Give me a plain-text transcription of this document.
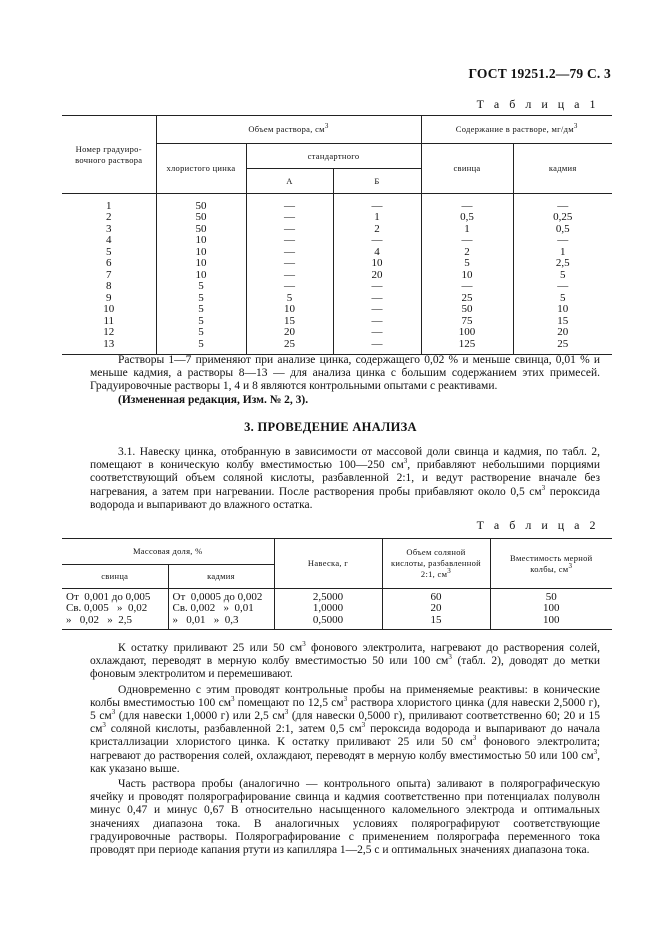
ГОСТ 19251.2—79 С. 3
Т а б л и ц а 1
Номер градуиро-
вочного раствора	Объем раствора, $см^3$			Содержание в растворе, $мг/дм^3$
	хлористого цинка	стандартного		свинца	кадмия
		А	Б		

1	50	—	—	—	—
2	50	—	1	0,5	0,25
3	50	—	2	1	0,5
4	10	—	—	—	—
5	10	—	4	2	1
6	10	—	10	5	2,5
7	10	—	20	10	5
8	5	—	—	—	—
9	5	5	—	25	5
10	5	10	—	50	10
11	5	15	—	75	15
12	5	20	—	100	20
13	5	25	—	125	25

Растворы 1—7 применяют при анализе цинка, содержащего 0,02 % и меньше свинца, 0,01 % и меньше кадмия, а растворы 8—13 — для анализа цинка с большим содержанием этих примесей. Градуировочные растворы 1, 4 и 8 являются контрольными опытами с реактивами.

(Измененная редакция, Изм. № 2, 3).

3. ПРОВЕДЕНИЕ АНАЛИЗА

3.1. Навеску цинка, отобранную в зависимости от массовой доли свинца и кадмия, по табл. 2, помещают в коническую колбу вместимостью 100—250 $см^3$, прибавляют небольшими порциями соответствующий объем соляной кислоты, разбавленной 2:1, и ведут растворение вначале без нагревания, а затем при нагревании. После растворения пробы прибавляют около 0,5 $см^3$ пероксида водорода и выпаривают до влажного остатка.

Т а б л и ц а 2
Массовая доля, %		Навеска, г	Объем соляной кислоты, разбавленной 2:1, $см^3$	Вместимость мерной колбы, $см^3$
свинца	кадмия			

От  0,001 до 0,005	От  0,0005 до 0,002	2,5000	60	50
Св. 0,005   »  0,02	Св. 0,002   »  0,01	1,0000	20	100
»   0,02   »  2,5	»   0,01   »  0,3	0,5000	15	100

К остатку приливают 25 или 50 $см^3$ фонового электролита, нагревают до растворения солей, охлаждают, переводят в мерную колбу вместимостью 50 или 100 $см^3$ (табл. 2), доводят до метки фоновым электролитом и перемешивают.

Одновременно с этим проводят контрольные пробы на применяемые реактивы: в конические колбы вместимостью 100 $см^3$ помещают по 12,5 $см^3$ раствора хлористого цинка (для навески 2,5000 г), 5 $см^3$ (для навески 1,0000 г) или 2,5 $см^3$ (для навески 0,5000 г), приливают соответственно 60; 20 и 15 $см^3$ соляной кислоты, разбавленной 2:1, затем 0,5 $см^3$ пероксида водорода и выпаривают до начала кристаллизации хлористого цинка. К остатку приливают 25 или 50 $см^3$ фонового электролита; нагревают до растворения солей, охлаждают, переводят в мерную колбу вместимостью 50 или 100 $см^3$, как указано выше.

Часть раствора пробы (аналогично — контрольного опыта) заливают в полярографическую ячейку и проводят полярографирование свинца и кадмия соответственно при потенциалах полуволн минус 0,47 и минус 0,67 В относительно насыщенного каломельного электрода и оптимальных значениях диапазона тока. В аналогичных условиях полярографируют соответствующие градуировочные растворы. Полярографирование с применением полярографа переменного тока проводят при периоде капания ртути из капилляра 1—2,5 с и оптимальных значениях диапазона тока.
